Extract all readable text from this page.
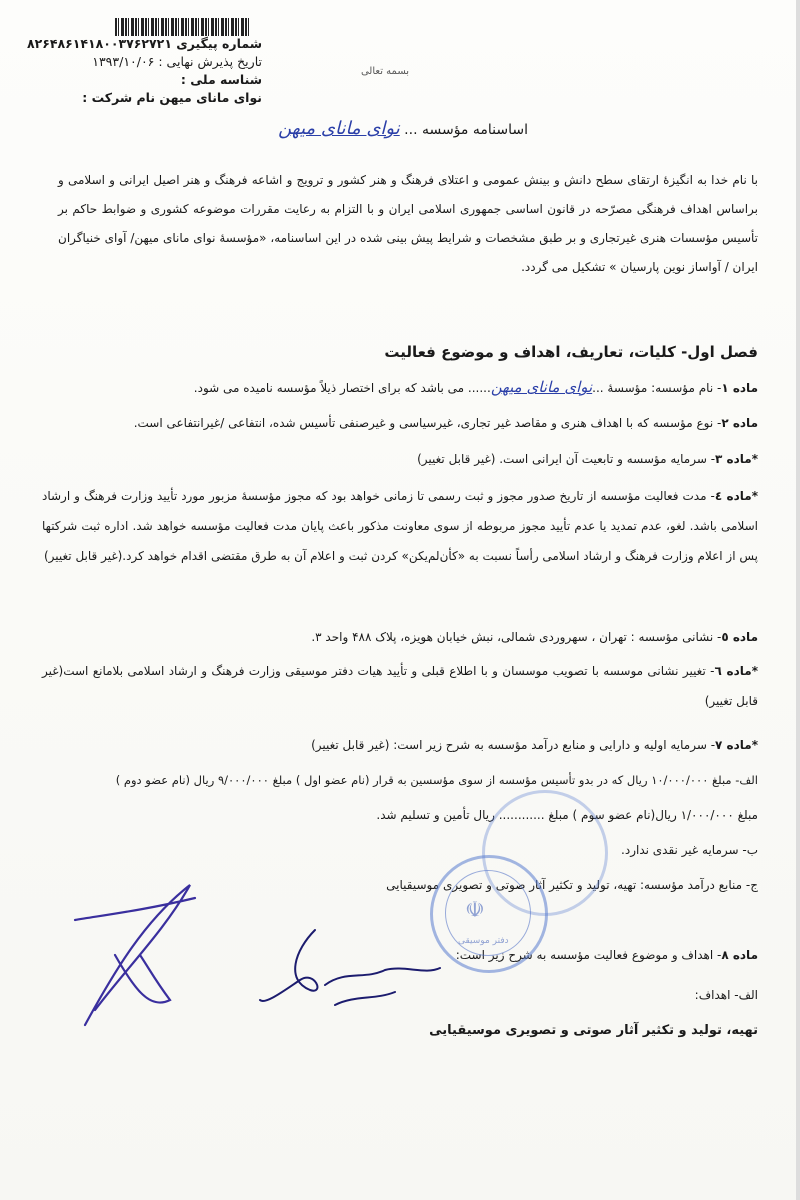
شماره پیگیری ۸۲۶۴۸۶۱۴۱۸۰۰۳۷۶۲۷۲۱
تاریخ پذیرش نهایی : ۱۳۹۳/۱۰/۰۶
شناسه ملی :
نوای مانای میهن نام شرکت :
بسمه تعالی
اساسنامه مؤسسه ... نوای مانای میهن
با نام خدا به انگیزۀ ارتقای سطح دانش و بینش عمومی و اعتلای فرهنگ و هنر کشور و ترویج و اشاعه فرهنگ و هنر اصیل ایرانی و اسلامی و براساس اهداف فرهنگی مصرّحه در قانون اساسی جمهوری اسلامی ایران و با التزام به رعایت مقررات موضوعه کشوری و ضوابط حاکم بر تأسیس مؤسسات هنری غیرتجاری و بر طبق مشخصات و شرایط پیش بینی شده در این اساسنامه، «مؤسسهٔ نوای مانای میهن/ آوای خنیاگران ایران / آواساز نوین پارسیان » تشکیل می گردد.
فصل اول- کلیات، تعاریف، اهداف و موضوع فعالیت
ماده ۱- نام مؤسسه: مؤسسهٔ ...نوای مانای میهن...... می باشد که برای اختصار ذیلاً مؤسسه نامیده می شود.
ماده ۲- نوع مؤسسه که با اهداف هنری و مقاصد غیر تجاری، غیرسیاسی و غیرصنفی تأسیس شده، انتفاعی /غیرانتفاعی است.
*ماده ۳- سرمایه مؤسسه و تابعیت آن ایرانی است. (غیر قابل تغییر)
*ماده ٤- مدت فعالیت مؤسسه از تاریخ صدور مجوز و ثبت رسمی تا زمانی خواهد بود که مجوز مؤسسهٔ مزبور مورد تأیید وزارت فرهنگ و ارشاد اسلامی باشد. لغو، عدم تمدید یا عدم تأیید مجوز مربوطه از سوی معاونت مذکور باعث پایان مدت فعالیت مؤسسه خواهد شد. اداره ثبت شرکتها پس از اعلام وزارت فرهنگ و ارشاد اسلامی رأساً نسبت به «کأن‌لم‌یکن» کردن ثبت و اعلام آن به طرق مقتضی اقدام خواهد کرد.(غیر قابل تغییر)
ماده ٥- نشانی مؤسسه : تهران ، سهروردی شمالی، نبش خیابان هویزه، پلاک ۴۸۸ واحد ۳.
*ماده ٦- تغییر نشانی موسسه با تصویب موسسان و با اطلاع قبلی و تأیید هیات دفتر موسیقی وزارت فرهنگ و ارشاد اسلامی بلامانع است(غیر قابل تغییر)
*ماده ۷- سرمایه اولیه و دارایی و منابع درآمد مؤسسه به شرح زیر است: (غیر قابل تغییر)
الف- مبلغ ۱۰/۰۰۰/۰۰۰ ریال که در بدو تأسیس مؤسسه از سوی مؤسسین به قرار (نام عضو اول ) مبلغ ۹/۰۰۰/۰۰۰ ریال (نام عضو دوم )
مبلغ ۱/۰۰۰/۰۰۰ ریال(نام عضو سوم ) مبلغ ............ ریال تأمین و تسلیم شد.
ب- سرمایه غیر نقدی ندارد.
ج- منابع درآمد مؤسسه: تهیه، تولید و تکثیر آثار صوتی و تصویری موسیقیایی
ماده ۸- اهداف و موضوع فعالیت مؤسسه به شرح زیر است:
الف- اهداف:
تهیه، تولید و تکثیر آثار صوتی و تصویری موسیقیایی
☫
دفتر موسیقی
